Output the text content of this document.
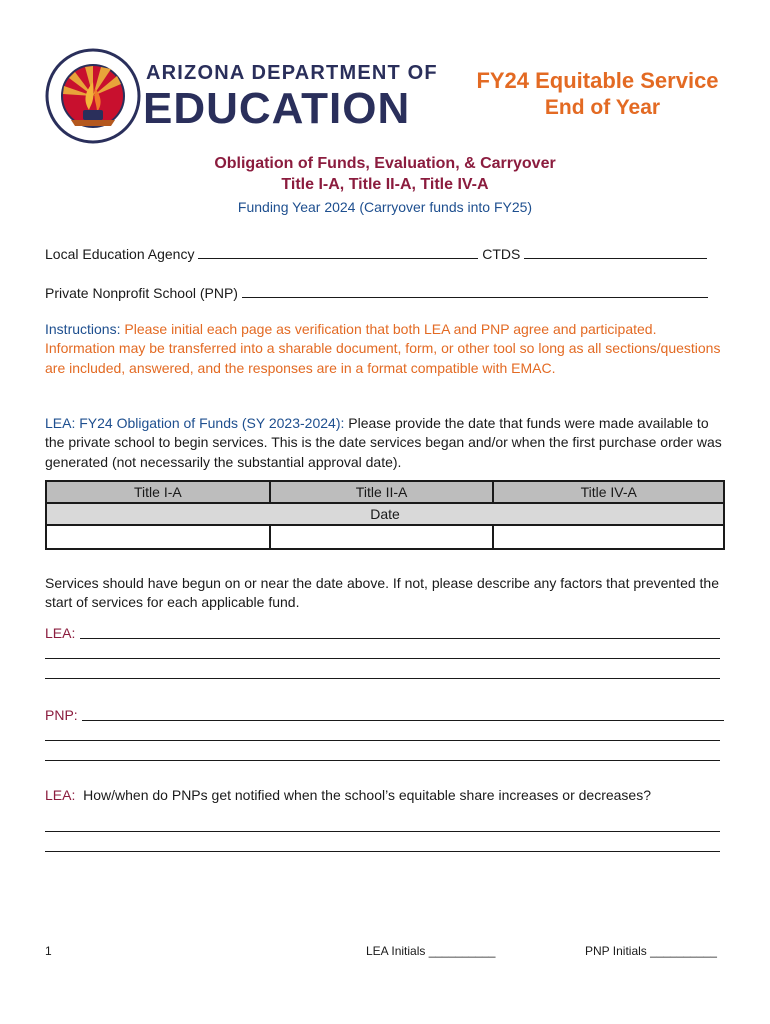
ARIZONA DEPARTMENT OF
EDUCATION
FY24 Equitable Service
End of Year
Obligation of Funds, Evaluation, & Carryover
Title I-A, Title II-A, Title IV-A
Funding Year 2024 (Carryover funds into FY25)
Local Education Agency	CTDS
Private Nonprofit School (PNP)
Instructions: Please initial each page as verification that both LEA and PNP agree and participated. Information may be transferred into a sharable document, form, or other tool so long as all sections/questions are included, answered, and the responses are in a format compatible with EMAC.
LEA: FY24 Obligation of Funds (SY 2023-2024): Please provide the date that funds were made available to the private school to begin services. This is the date services began and/or when the first purchase order was generated (not necessarily the substantial approval date).
Title I-A	Title II-A	Title IV-A
Date		

Services should have begun on or near the date above. If not, please describe any factors that prevented the start of services for each applicable fund.
LEA:
PNP:
LEA: How/when do PNPs get notified when the school’s equitable share increases or decreases?
1	LEA Initials __________	PNP Initials __________
